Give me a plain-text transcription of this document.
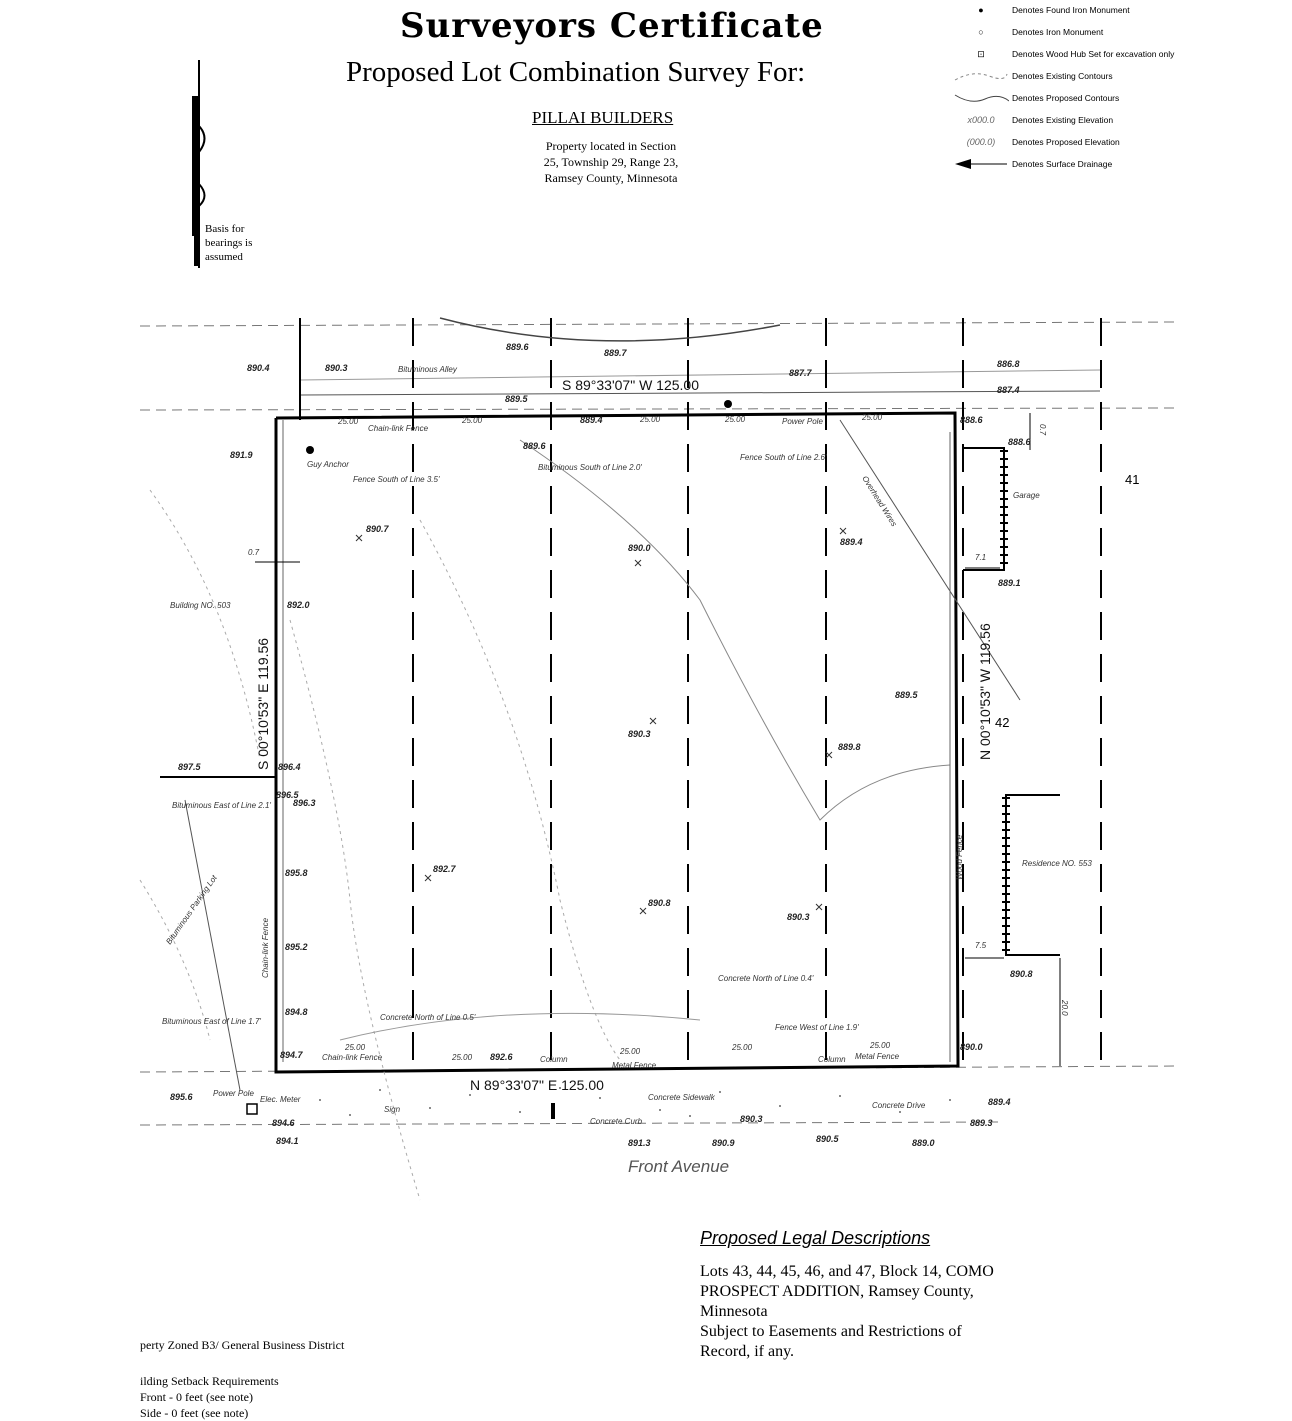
Surveyors Certificate
Proposed Lot Combination Survey For:
PILLAI BUILDERS
Property located in Section
25, Township 29, Range 23,
Ramsey County, Minnesota
●	Denotes Found Iron Monument
○	Denotes Iron Monument
⊡	Denotes Wood Hub Set for excavation only
Denotes Existing Contours
Denotes Proposed Contours
x000.0	Denotes Existing Elevation
(000.0)	Denotes Proposed Elevation
Denotes Surface Drainage
Basis for
bearings is
assumed
S 89°33'07" W 125.00
N 89°33'07" E 125.00
S 00°10'53" E 119.56	N 00°10'53" W 119.56
Bituminous Alley
Front Avenue
41
42
Building NO. 503
Residence NO. 553
Garage
Chain-link Fence
Fence South of Line 3.5'
Bituminous South of Line 2.0'
Fence South of Line 2.6'
Guy Anchor
Power Pole
Bituminous East of Line 2.1'
Bituminous Parking Lot
Chain-link Fence
Bituminous East of Line 1.7'	Concrete North of Line 0.5'
Concrete North of Line 0.4'
Fence West of Line 1.9'
Chain-link Fence
Metal Fence
Metal Fence
Column	Column
Concrete Sidewalk
Concrete Curb
Concrete Drive
Elec. Meter
Sign
Wood Fence
Overhead Wires
Power Pole
25.00	25.00	25.00	25.00	25.00
25.00
25.00
25.00	25.00	25.00
0.7
7.1
7.5
20.0
0.7
889.6
889.7
890.4	890.3
889.5
889.4
889.6
886.8
887.7
887.4
888.6
888.6
891.9
890.7
890.0
889.4
889.1
892.0
889.5
890.3
889.8
897.5	896.4
896.5
896.3
895.8	892.7
890.8
890.3
895.2
890.8
894.8
894.7	892.6
890.0
895.6
894.6
894.1	891.3	890.9	890.5	889.0
889.3
889.4
890.3
Proposed Legal Descriptions
Lots 43, 44, 45, 46, and 47, Block 14, COMO
PROSPECT ADDITION, Ramsey County,
Minnesota
Subject to Easements and Restrictions of
Record, if any.
perty Zoned B3/ General Business District
ilding Setback Requirements
Front - 0 feet (see note)
Side - 0 feet (see note)
